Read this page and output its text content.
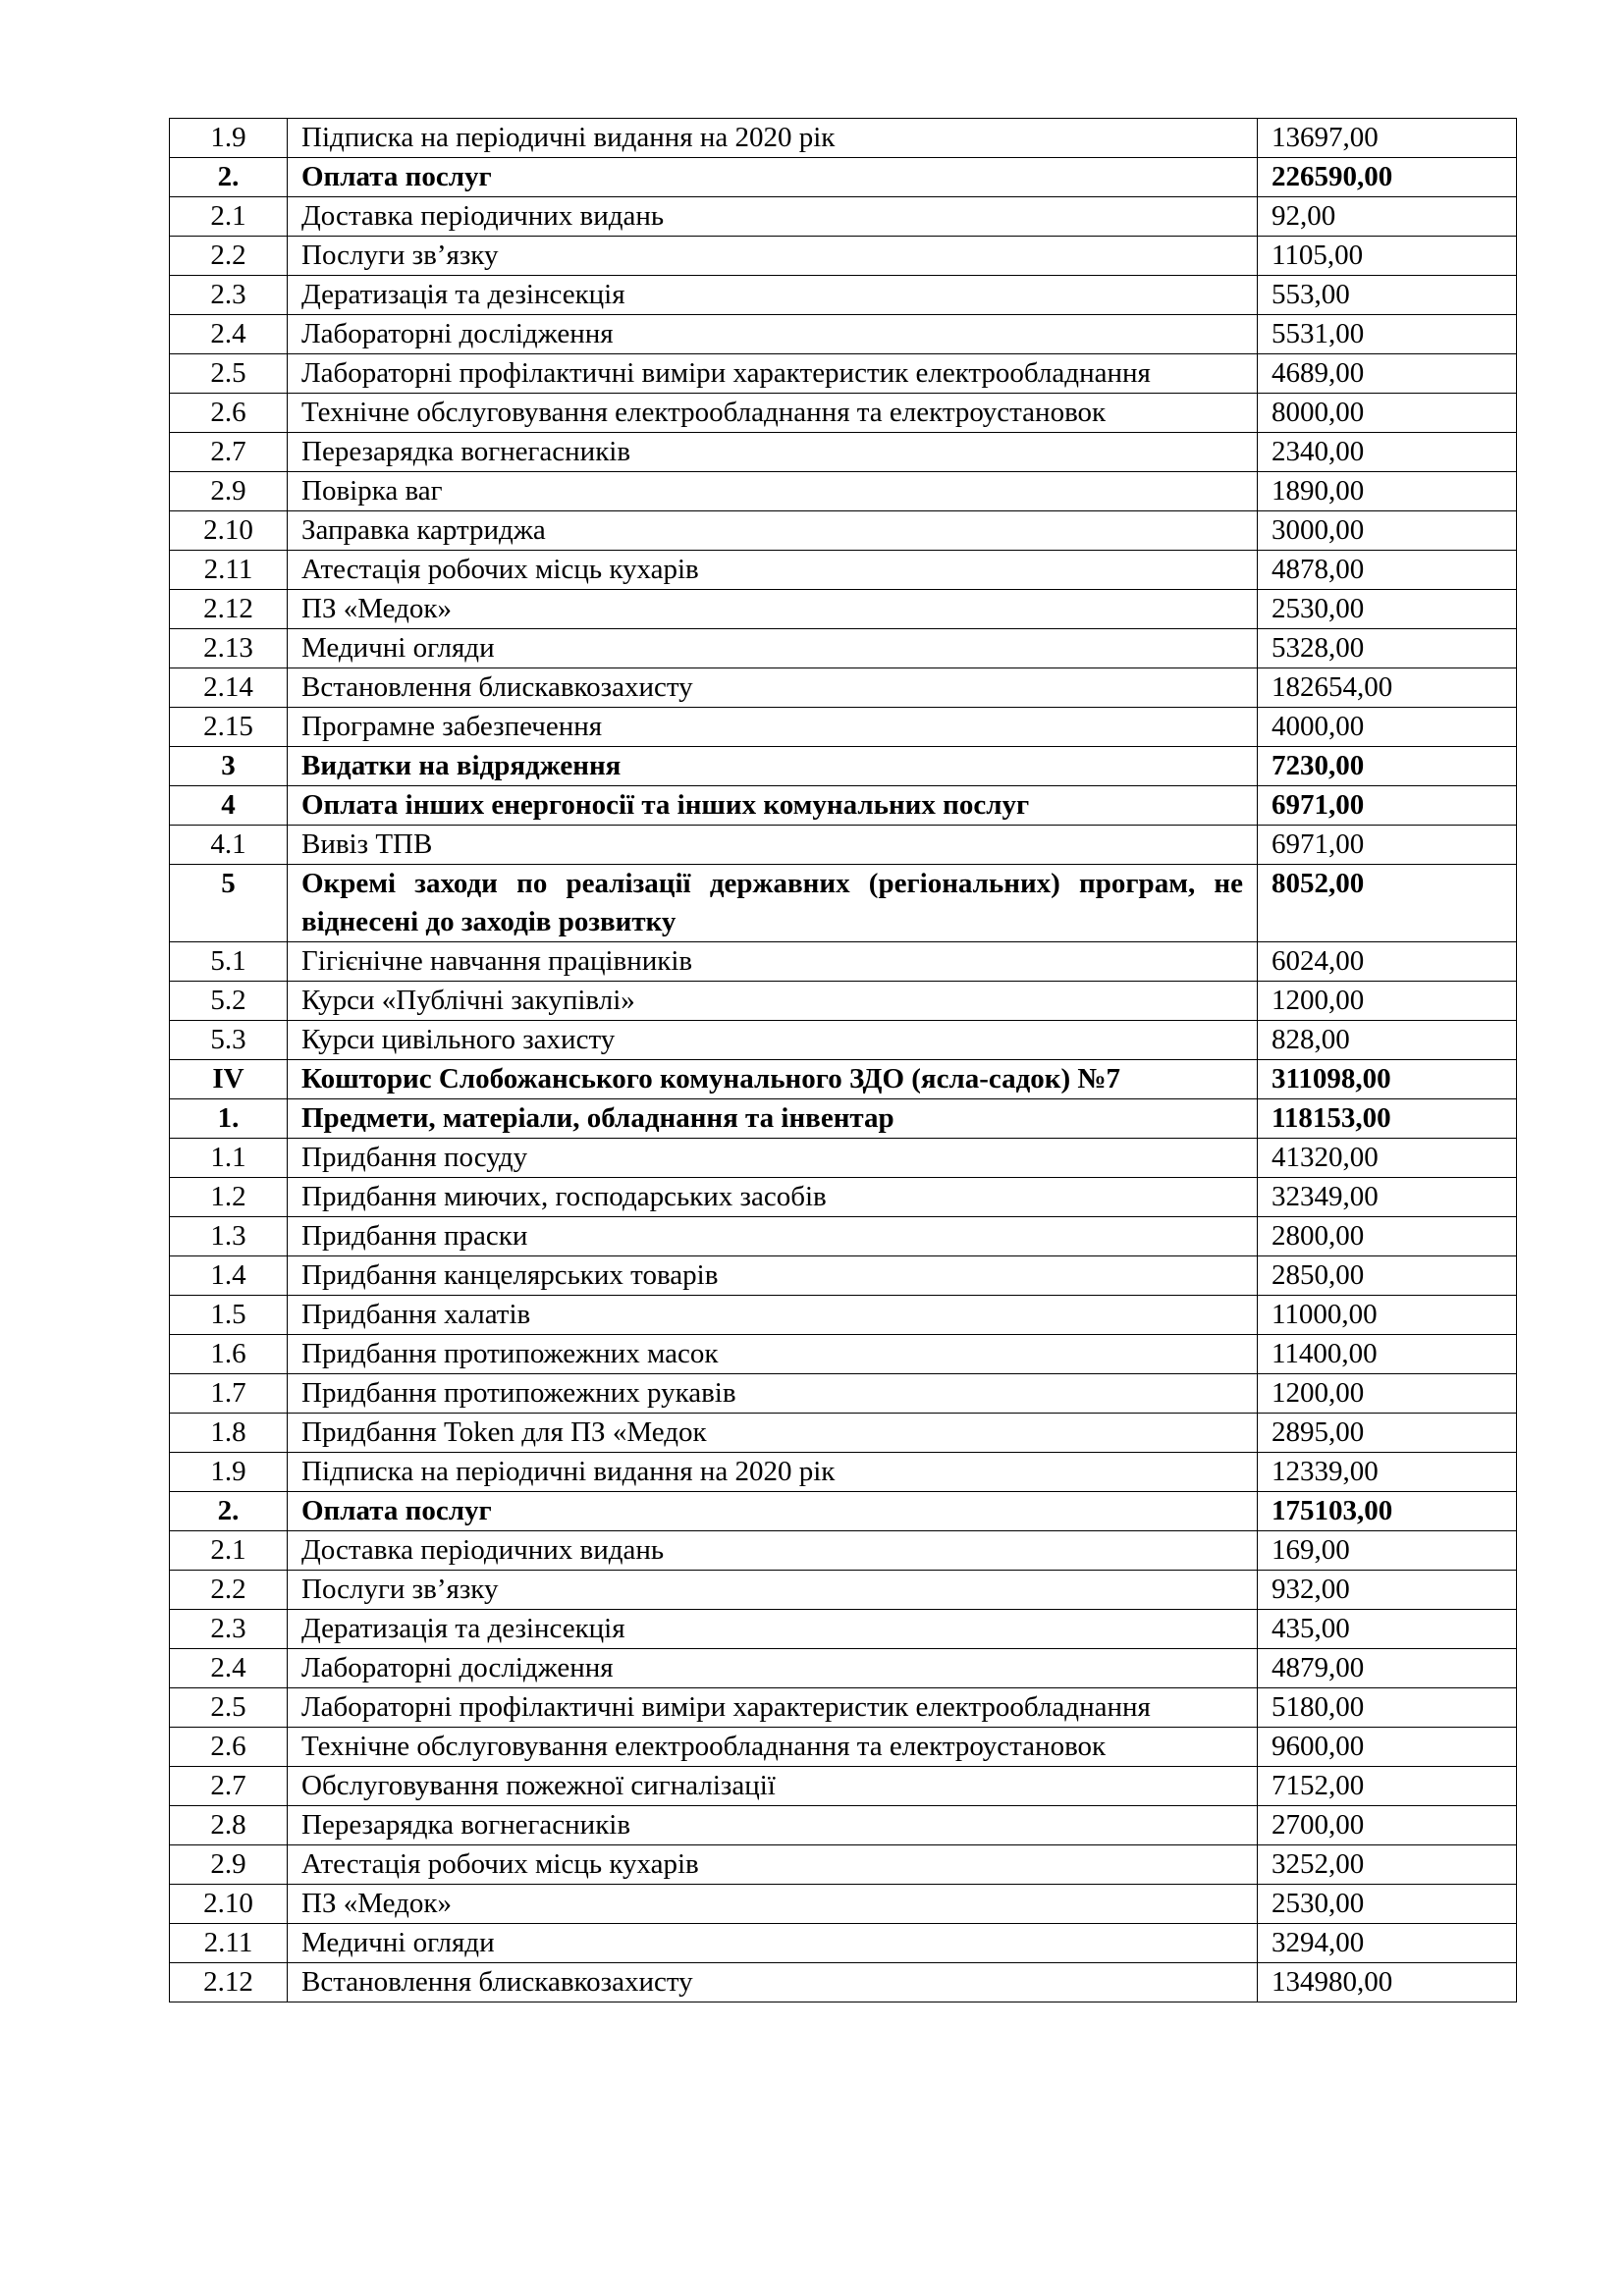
1.9	Підписка на періодичні видання на 2020 рік	13697,00
2.	Оплата послуг	226590,00
2.1	Доставка періодичних видань	92,00
2.2	Послуги зв’язку	1105,00
2.3	Дератизація та дезінсекція	553,00
2.4	Лабораторні дослідження	5531,00
2.5	Лабораторні профілактичні виміри характеристик електрообладнання	4689,00
2.6	Технічне обслуговування електрообладнання та електроустановок	8000,00
2.7	Перезарядка вогнегасників	2340,00
2.9	Повірка ваг	1890,00
2.10	Заправка картриджа	3000,00
2.11	Атестація робочих місць кухарів	4878,00
2.12	ПЗ «Медок»	2530,00
2.13	Медичні огляди	5328,00
2.14	Встановлення блискавкозахисту	182654,00
2.15	Програмне забезпечення	4000,00
3	Видатки на відрядження	7230,00
4	Оплата інших енергоносії та інших комунальних послуг	6971,00
4.1	Вивіз ТПВ	6971,00
5	Окремі заходи по реалізації державних (регіональних) програм, не віднесені до заходів розвитку	8052,00
5.1	Гігієнічне навчання працівників	6024,00
5.2	Курси «Публічні закупівлі»	1200,00
5.3	Курси цивільного захисту	828,00
IV	Кошторис Слобожанського комунального ЗДО (ясла-садок) №7	311098,00
1.	Предмети, матеріали, обладнання та інвентар	118153,00
1.1	Придбання посуду	41320,00
1.2	Придбання миючих, господарських засобів	32349,00
1.3	Придбання праски	2800,00
1.4	Придбання канцелярських товарів	2850,00
1.5	Придбання халатів	11000,00
1.6	Придбання протипожежних масок	11400,00
1.7	Придбання протипожежних рукавів	1200,00
1.8	Придбання Token для ПЗ «Медок	2895,00
1.9	Підписка на періодичні видання на 2020 рік	12339,00
2.	Оплата послуг	175103,00
2.1	Доставка періодичних видань	169,00
2.2	Послуги зв’язку	932,00
2.3	Дератизація та дезінсекція	435,00
2.4	Лабораторні дослідження	4879,00
2.5	Лабораторні профілактичні виміри характеристик електрообладнання	5180,00
2.6	Технічне обслуговування електрообладнання та електроустановок	9600,00
2.7	Обслуговування пожежної сигналізації	7152,00
2.8	Перезарядка вогнегасників	2700,00
2.9	Атестація робочих місць кухарів	3252,00
2.10	ПЗ «Медок»	2530,00
2.11	Медичні огляди	3294,00
2.12	Встановлення блискавкозахисту	134980,00
